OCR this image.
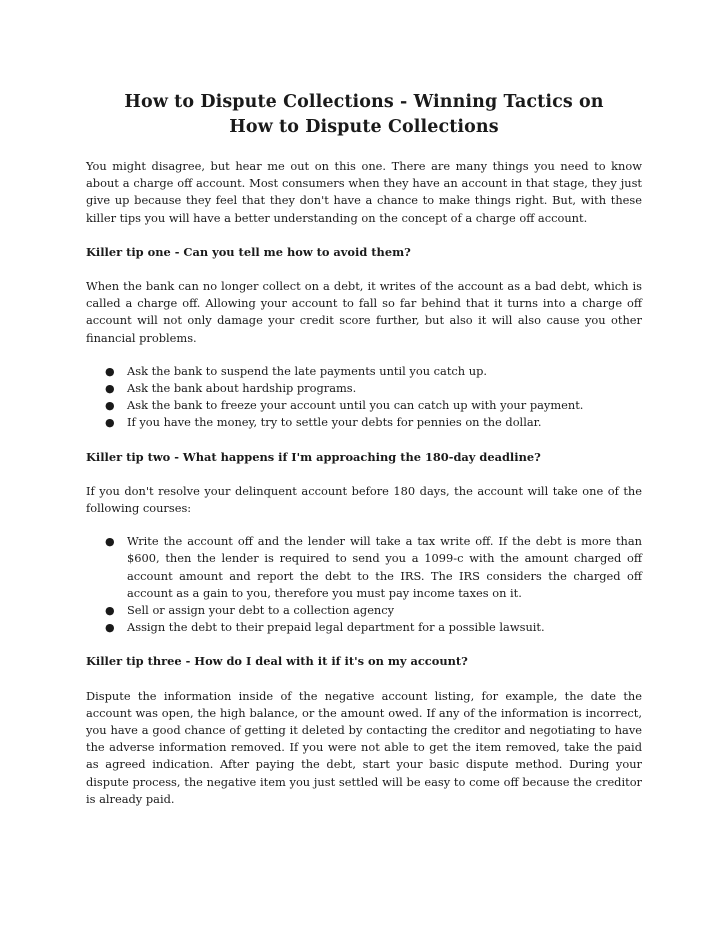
How to Dispute Collections - Winning Tactics on
How to Dispute Collections

You might disagree, but hear me out on this one. There are many things you need to know about a charge off account. Most consumers when they have an account in that stage, they just give up because they feel that they don't have a chance to make things right. But, with these killer tips you will have a better understanding on the concept of a charge off account.

Killer tip one - Can you tell me how to avoid them?

When the bank can no longer collect on a debt, it writes of the account as a bad debt, which is called a charge off. Allowing your account to fall so far behind that it turns into a charge off account will not only damage your credit score further, but also it will also cause you other financial problems.

● Ask the bank to suspend the late payments until you catch up.
● Ask the bank about hardship programs.
● Ask the bank to freeze your account until you can catch up with your payment.
● If you have the money, try to settle your debts for pennies on the dollar.
Killer tip two - What happens if I'm approaching the 180-day deadline?

If you don't resolve your delinquent account before 180 days, the account will take one of the following courses:

● Write the account off and the lender will take a tax write off. If the debt is more than $600, then the lender is required to send you a 1099-c with the amount charged off account amount and report the debt to the IRS. The IRS considers the charged off account as a gain to you, therefore you must pay income taxes on it.
● Sell or assign your debt to a collection agency
● Assign the debt to their prepaid legal department for a possible lawsuit.
Killer tip three - How do I deal with it if it's on my account?

Dispute the information inside of the negative account listing, for example, the date the account was open, the high balance, or the amount owed. If any of the information is incorrect, you have a good chance of getting it deleted by contacting the creditor and negotiating to have the adverse information removed. If you were not able to get the item removed, take the paid as agreed indication. After paying the debt, start your basic dispute method. During your dispute process, the negative item you just settled will be easy to come off because the creditor is already paid.
